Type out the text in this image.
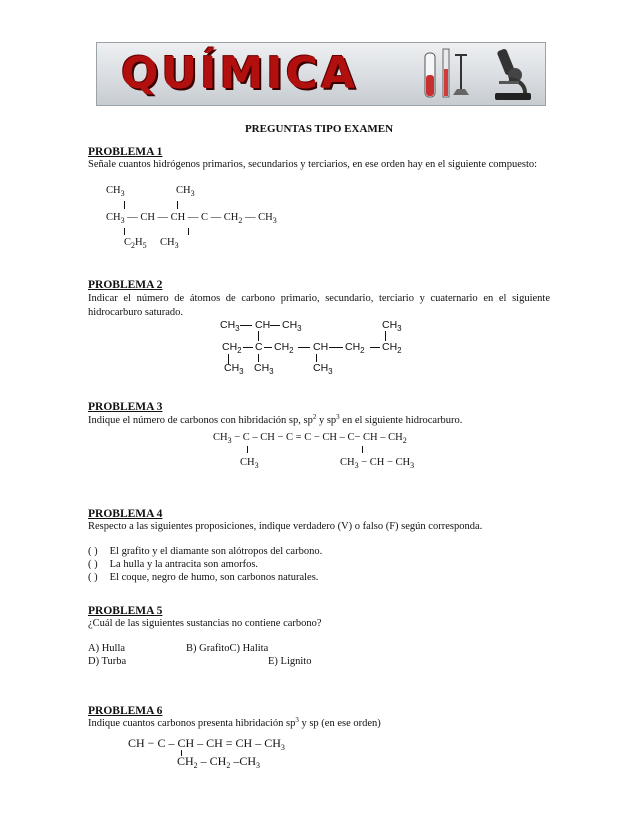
QUÍMICA
PREGUNTAS TIPO EXAMEN
PROBLEMA 1
Señale cuantos hidrógenos primarios, secundarios y terciarios, en ese orden hay en el siguiente compuesto:
$CH_3$	$CH_3$
$CH_3$ — CH — CH — C — $CH_2$ — $CH_3$
$C_2H_5$ $CH_3$
PROBLEMA 2
Indicar el número de átomos de carbono primario, secundario, terciario y cuaternario en el siguiente hidrocarburo saturado.
$CH_3$ CH $CH_3$	$CH_3$
$CH_2$ C $CH_2$ CH $CH_2$ $CH_2$
$CH_3$ $CH_3$	$CH_3$
PROBLEMA 3
Indique el número de carbonos con hibridación sp, $sp^2$ y $sp^3$ en el siguiente hidrocarburo.
$CH_3 - C$ – CH − C = C − CH – C− CH – $CH_2$
$CH_3$	$CH_3$ − CH − $CH_3$
PROBLEMA 4
Respecto a las siguientes proposiciones, indique verdadero (V) o falso (F) según corresponda.
( ) El grafito y el diamante son alótropos del carbono.
( ) La hulla y la antracita son amorfos.
( ) El coque, negro de humo, son carbonos naturales.
PROBLEMA 5
¿Cuál de las siguientes sustancias no contiene carbono?
A) Hulla	B) GrafitoC) Halita
D) Turba	E) Lignito
PROBLEMA 6
Indique cuantos carbonos presenta hibridación $sp^3$ y sp (en ese orden)
CH − C – CH – CH = CH – $CH_3$
$CH_2 - CH_2$ $-CH_3$
